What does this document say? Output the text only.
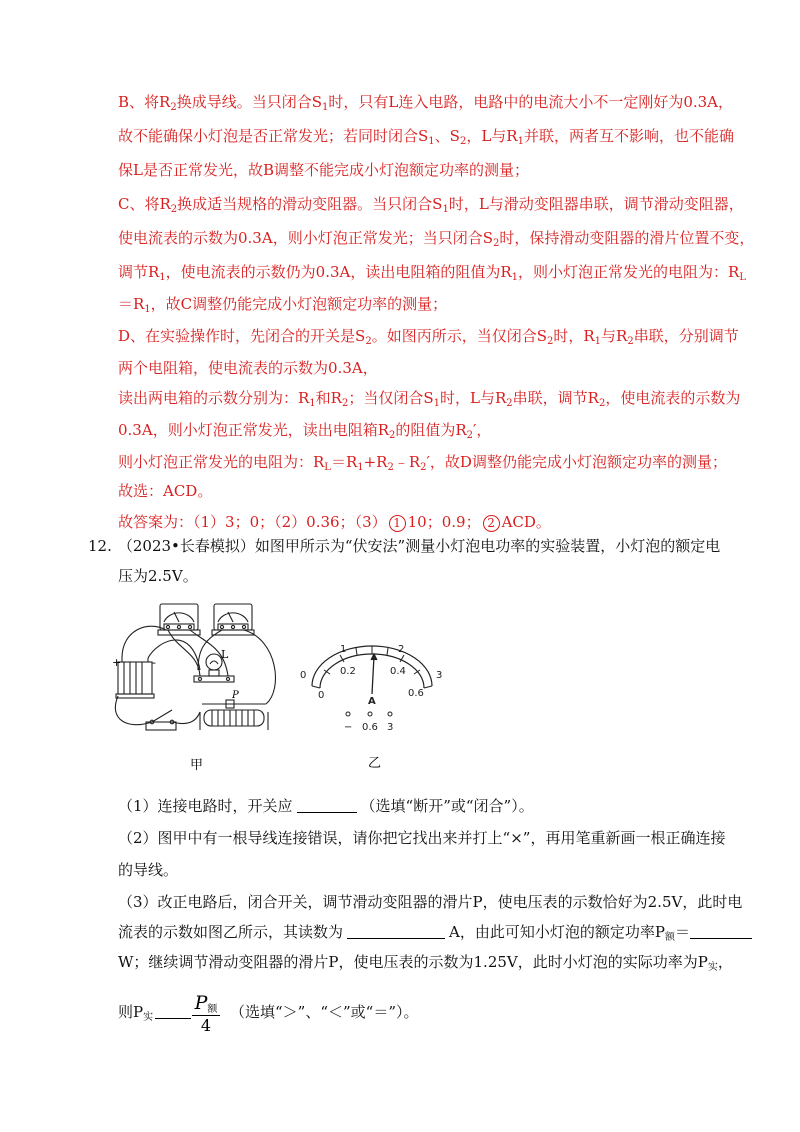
B、将$R_2$换成导线。当只闭合$S_1$时，只有L连入电路，电路中的电流大小不一定刚好为0.3A，
故不能确保小灯泡是否正常发光；若同时闭合$S_1$、$S_2$，L与$R_1$并联，两者互不影响，也不能确
保L是否正常发光，故B调整不能完成小灯泡额定功率的测量；
C、将$R_2$换成适当规格的滑动变阻器。当只闭合$S_1$时，L与滑动变阻器串联，调节滑动变阻器，
使电流表的示数为0.3A，则小灯泡正常发光；当只闭合$S_2$时，保持滑动变阻器的滑片位置不变，
调节$R_1$，使电流表的示数仍为0.3A，读出电阻箱的阻值为$R_1$，则小灯泡正常发光的电阻为：$R_L$
$=R_1$，故C调整仍能完成小灯泡额定功率的测量；
D、在实验操作时，先闭合的开关是$S_2$。如图丙所示，当仅闭合$S_2$时，$R_1$与$R_2$串联，分别调节
两个电阻箱，使电流表的示数为0.3A，
读出两电箱的示数分别为：$R_1$和$R_2$；当仅闭合$S_1$时，L与$R_2$串联，调节$R_2$，使电流表的示数为
0.3A，则小灯泡正常发光，读出电阻箱$R_2$的阻值为$R_2'$，
则小灯泡正常发光的电阻为：$R_L=R_1+R_2﹣R_2'$，故D调整仍能完成小灯泡额定功率的测量；
故选：ACD。
故答案为：（1）3；0；（2）0.36；（3） 1 10；0.9； 2 ACD。
12. （2023•长春模拟）如图甲所示为“伏安法”测量小灯泡电功率的实验装置，小灯泡的额定电
压为2.5V。
L
P
+	-
甲
0
1	2
3
0
0.2	0.4
0.6
A
− 0.6 3
乙
（1）连接电路时，开关应	（选填“断开”或“闭合”）。
（2）图甲中有一根导线连接错误，请你把它找出来并打上“×”，再用笔重新画一根正确连接
的导线。
（3）改正电路后，闭合开关，调节滑动变阻器的滑片P，使电压表的示数恰好为2.5V，此时电
流表的示数如图乙所示，其读数为	A，由此可知小灯泡的额定功率$P_额=$
W；继续调节滑动变阻器的滑片P，使电压表的示数为1.25V，此时小灯泡的实际功率为$P_实$，
则$P_实$
$P_额$
4
（选填“＞”、“＜”或“＝”）。
